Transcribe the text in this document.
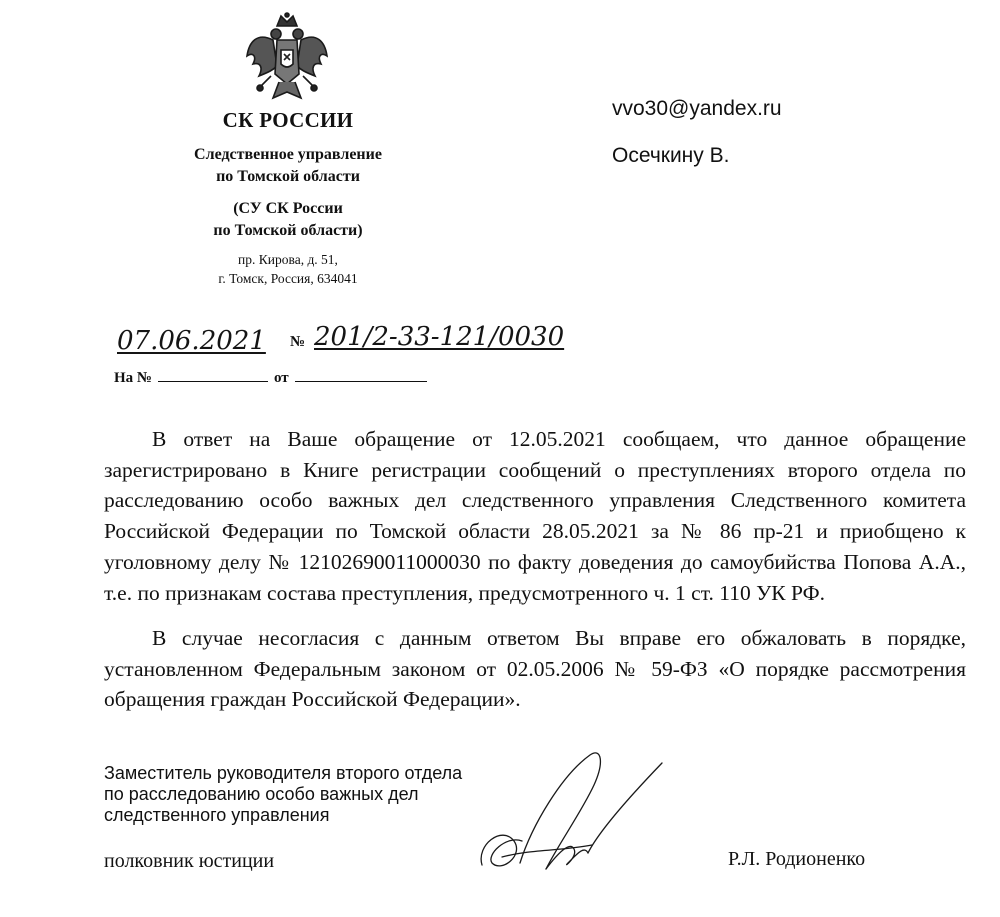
СК РОССИИ
Следственное управление
по Томской области
(СУ СК России
по Томской области)
пр. Кирова, д. 51,
г. Томск, Россия, 634041
vvo30@yandex.ru
Осечкину В.
07.06.2021 № 201/2-33-121/0030
На №	от
В ответ на Ваше обращение от 12.05.2021 сообщаем, что данное обращение зарегистрировано в Книге регистрации сообщений о преступлениях второго отдела по расследованию особо важных дел следственного управления Следственного комитета Российской Федерации по Томской области 28.05.2021 за № 86 пр-21 и приобщено к уголовному делу № 12102690011000030 по факту доведения до самоубийства Попова А.А., т.е. по признакам состава преступления, предусмотренного ч. 1 ст. 110 УК РФ.
В случае несогласия с данным ответом Вы вправе его обжаловать в порядке, установленном Федеральным законом от 02.05.2006 № 59-ФЗ «О порядке рассмотрения обращения граждан Российской Федерации».
Заместитель руководителя второго отдела
по расследованию особо важных дел
следственного управления
полковник юстиции	Р.Л. Родионенко
